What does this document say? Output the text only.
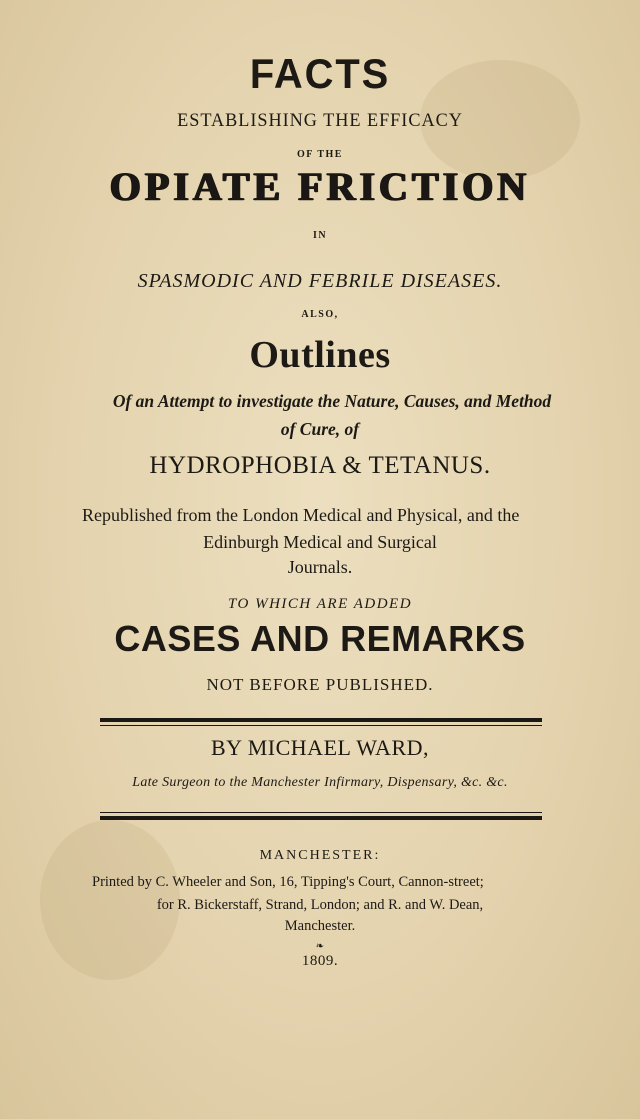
FACTS
ESTABLISHING THE EFFICACY
OF THE
OPIATE FRICTION
IN
SPASMODIC AND FEBRILE DISEASES.
ALSO,
Outlines
Of an Attempt to investigate the Nature, Causes, and Method
of Cure, of
HYDROPHOBIA & TETANUS.
Republished from the London Medical and Physical, and the
Edinburgh Medical and Surgical
Journals.
TO WHICH ARE ADDED
CASES AND REMARKS
NOT BEFORE PUBLISHED.
BY MICHAEL WARD,
Late Surgeon to the Manchester Infirmary, Dispensary, &c. &c.
MANCHESTER:
Printed by C. Wheeler and Son, 16, Tipping's Court, Cannon-street;
for R. Bickerstaff, Strand, London; and R. and W. Dean,
Manchester.
❧
1809.
